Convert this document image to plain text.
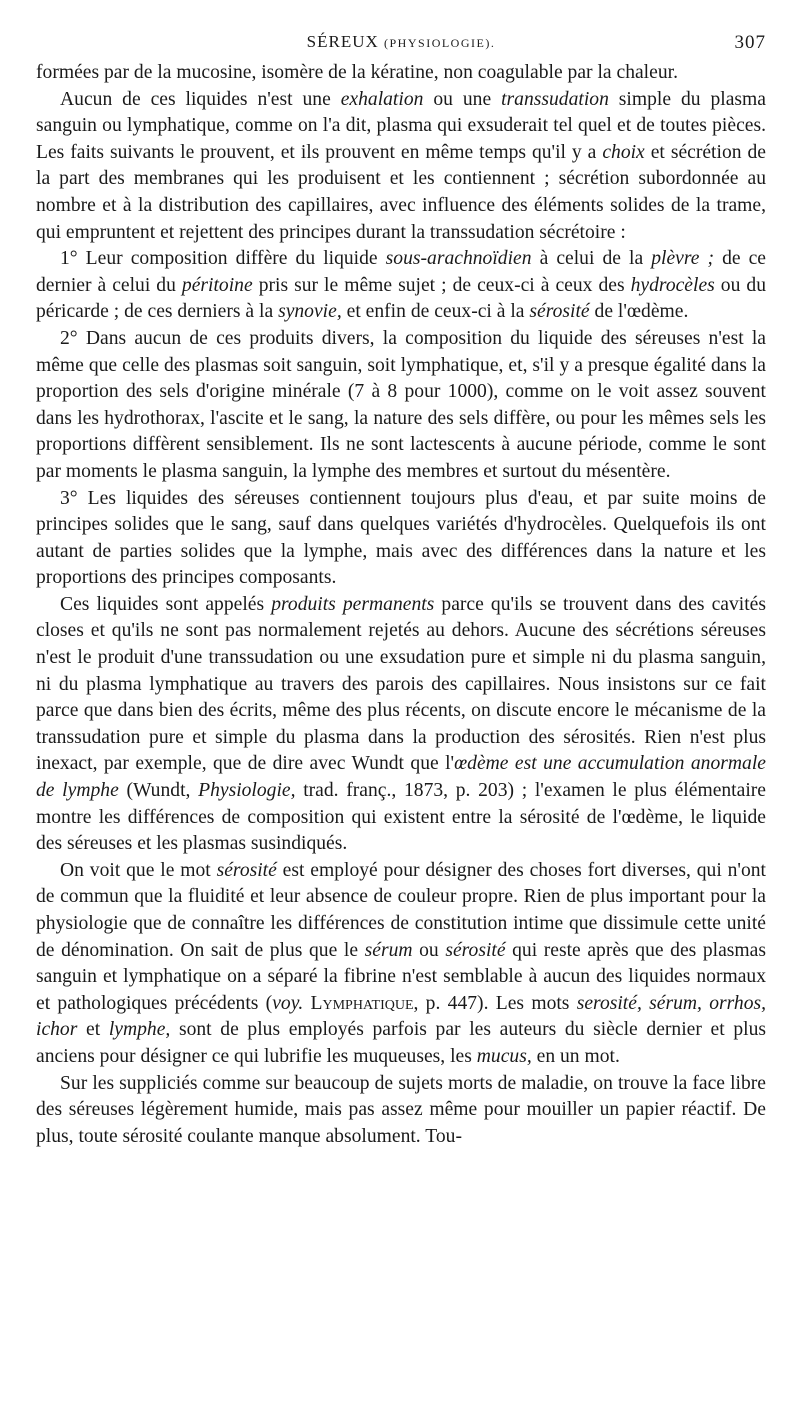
SÉREUX (PHYSIOLOGIE).	307

formées par de la mucosine, isomère de la kératine, non coagulable par la chaleur.

Aucun de ces liquides n'est une exhalation ou une transsudation simple du plasma sanguin ou lymphatique, comme on l'a dit, plasma qui exsuderait tel quel et de toutes pièces. Les faits suivants le prouvent, et ils prouvent en même temps qu'il y a choix et sécrétion de la part des membranes qui les produisent et les contiennent ; sécrétion subordonnée au nombre et à la distribution des capillaires, avec influence des éléments solides de la trame, qui empruntent et rejettent des principes durant la transsudation sécrétoire :

1° Leur composition diffère du liquide sous-arachnoïdien à celui de la plèvre ; de ce dernier à celui du péritoine pris sur le même sujet ; de ceux-ci à ceux des hydrocèles ou du péricarde ; de ces derniers à la synovie, et enfin de ceux-ci à la sérosité de l'œdème.

2° Dans aucun de ces produits divers, la composition du liquide des séreuses n'est la même que celle des plasmas soit sanguin, soit lymphatique, et, s'il y a presque égalité dans la proportion des sels d'origine minérale (7 à 8 pour 1000), comme on le voit assez souvent dans les hydrothorax, l'ascite et le sang, la nature des sels diffère, ou pour les mêmes sels les proportions diffèrent sensiblement. Ils ne sont lactescents à aucune période, comme le sont par moments le plasma sanguin, la lymphe des membres et surtout du mésentère.

3° Les liquides des séreuses contiennent toujours plus d'eau, et par suite moins de principes solides que le sang, sauf dans quelques variétés d'hydrocèles. Quelquefois ils ont autant de parties solides que la lymphe, mais avec des différences dans la nature et les proportions des principes composants.

Ces liquides sont appelés produits permanents parce qu'ils se trouvent dans des cavités closes et qu'ils ne sont pas normalement rejetés au dehors. Aucune des sécrétions séreuses n'est le produit d'une transsudation ou une exsudation pure et simple ni du plasma sanguin, ni du plasma lymphatique au travers des parois des capillaires. Nous insistons sur ce fait parce que dans bien des écrits, même des plus récents, on discute encore le mécanisme de la transsudation pure et simple du plasma dans la production des sérosités. Rien n'est plus inexact, par exemple, que de dire avec Wundt que l'œdème est une accumulation anormale de lymphe (Wundt, Physiologie, trad. franç., 1873, p. 203) ; l'examen le plus élémentaire montre les différences de composition qui existent entre la sérosité de l'œdème, le liquide des séreuses et les plasmas susindiqués.

On voit que le mot sérosité est employé pour désigner des choses fort diverses, qui n'ont de commun que la fluidité et leur absence de couleur propre. Rien de plus important pour la physiologie que de connaître les différences de constitution intime que dissimule cette unité de dénomination. On sait de plus que le sérum ou sérosité qui reste après que des plasmas sanguin et lymphatique on a séparé la fibrine n'est semblable à aucun des liquides normaux et pathologiques précédents (voy. Lymphatique, p. 447). Les mots serosité, sérum, orrhos, ichor et lymphe, sont de plus employés parfois par les auteurs du siècle dernier et plus anciens pour désigner ce qui lubrifie les muqueuses, les mucus, en un mot.

Sur les suppliciés comme sur beaucoup de sujets morts de maladie, on trouve la face libre des séreuses légèrement humide, mais pas assez même pour mouiller un papier réactif. De plus, toute sérosité coulante manque absolument. Tou-
